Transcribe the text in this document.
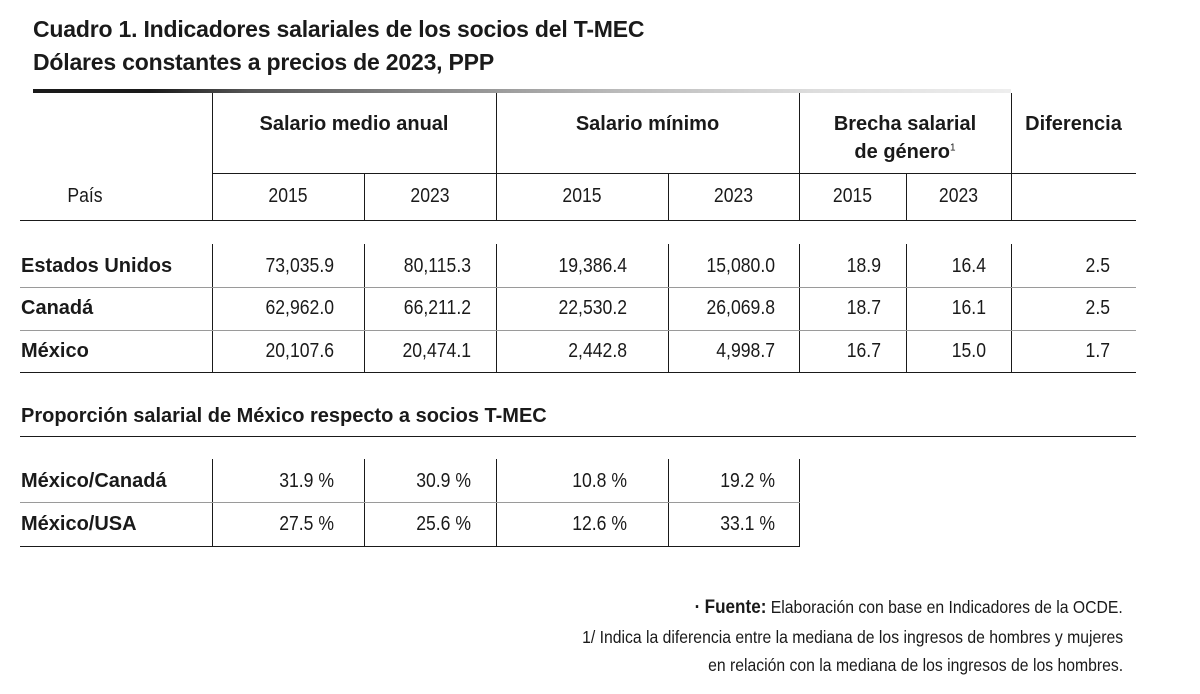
Cuadro 1. Indicadores salariales de los socios del T-MEC
Dólares constantes a precios de 2023, PPP
Salario medio anual	Salario mínimo	Brecha salarial
de género$^1$
Diferencia
País	2015	2023	2015	2023	2015	2023
Estados Unidos	73,035.9	80,115.3	19,386.4	15,080.0	18.9	16.4	2.5
Canadá	62,962.0	66,211.2	22,530.2	26,069.8	18.7	16.1	2.5
México	20,107.6	20,474.1	2,442.8	4,998.7	16.7	15.0	1.7
Proporción salarial de México respecto a socios T-MEC
México/Canadá	31.9 %	30.9 %	10.8 %	19.2 %
México/USA	27.5 %	25.6 %	12.6 %	33.1 %
· Fuente: Elaboración con base en Indicadores de la OCDE.
1/ Indica la diferencia entre la mediana de los ingresos de hombres y mujeres
en relación con la mediana de los ingresos de los hombres.
